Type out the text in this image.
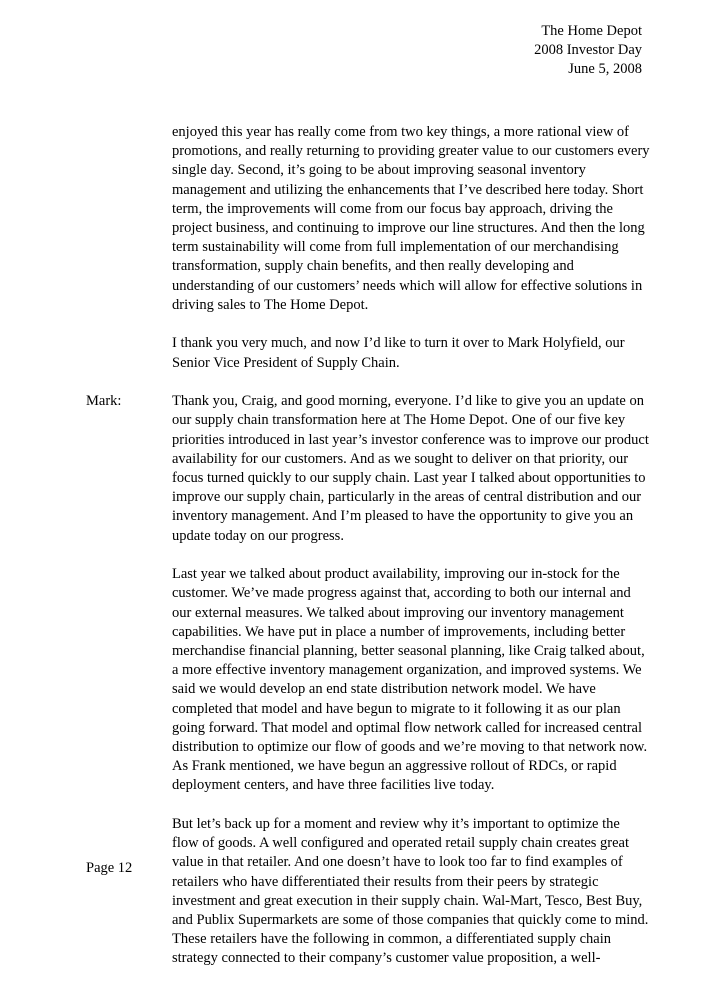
The Home Depot
2008 Investor Day
June 5, 2008

enjoyed this year has really come from two key things, a more rational view of
promotions, and really returning to providing greater value to our customers every
single day. Second, it’s going to be about improving seasonal inventory
management and utilizing the enhancements that I’ve described here today. Short
term, the improvements will come from our focus bay approach, driving the
project business, and continuing to improve our line structures. And then the long
term sustainability will come from full implementation of our merchandising
transformation, supply chain benefits, and then really developing and
understanding of our customers’ needs which will allow for effective solutions in
driving sales to The Home Depot.

I thank you very much, and now I’d like to turn it over to Mark Holyfield, our
Senior Vice President of Supply Chain.

Mark:	Thank you, Craig, and good morning, everyone. I’d like to give you an update on
our supply chain transformation here at The Home Depot. One of our five key
priorities introduced in last year’s investor conference was to improve our product
availability for our customers. And as we sought to deliver on that priority, our
focus turned quickly to our supply chain. Last year I talked about opportunities to
improve our supply chain, particularly in the areas of central distribution and our
inventory management. And I’m pleased to have the opportunity to give you an
update today on our progress.

Last year we talked about product availability, improving our in-stock for the
customer. We’ve made progress against that, according to both our internal and
our external measures. We talked about improving our inventory management
capabilities. We have put in place a number of improvements, including better
merchandise financial planning, better seasonal planning, like Craig talked about,
a more effective inventory management organization, and improved systems. We
said we would develop an end state distribution network model. We have
completed that model and have begun to migrate to it following it as our plan
going forward. That model and optimal flow network called for increased central
distribution to optimize our flow of goods and we’re moving to that network now.
As Frank mentioned, we have begun an aggressive rollout of RDCs, or rapid
deployment centers, and have three facilities live today.

But let’s back up for a moment and review why it’s important to optimize the
flow of goods. A well configured and operated retail supply chain creates great
value in that retailer. And one doesn’t have to look too far to find examples of
retailers who have differentiated their results from their peers by strategic
investment and great execution in their supply chain. Wal-Mart, Tesco, Best Buy,
and Publix Supermarkets are some of those companies that quickly come to mind.
These retailers have the following in common, a differentiated supply chain
strategy connected to their company’s customer value proposition, a well-

Page 12
